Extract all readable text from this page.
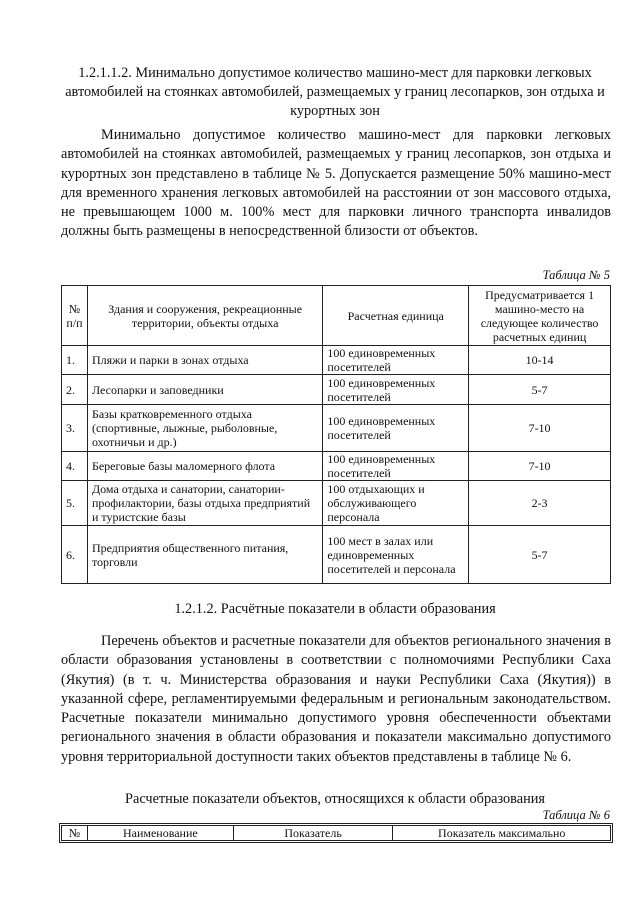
1.2.1.1.2. Минимально допустимое количество машино-мест для парковки легковых автомобилей на стоянках автомобилей, размещаемых у границ лесопарков, зон отдыха и курортных зон
Минимально допустимое количество машино-мест для парковки легковых автомобилей на стоянках автомобилей, размещаемых у границ лесопарков, зон отдыха и курортных зон представлено в таблице № 5. Допускается размещение 50% машино-мест для временного хранения легковых автомобилей на расстоянии от зон массового отдыха, не превышающем 1000 м. 100% мест для парковки личного транспорта инвалидов должны быть размещены в непосредственной близости от объектов.
Таблица № 5
№ п/п	Здания и сооружения, рекреационные территории, объекты отдыха	Расчетная единица	Предусматривается 1 машино-место на следующее количество расчетных единиц
1.	Пляжи и парки в зонах отдыха	100 единовременных посетителей	10-14
2.	Лесопарки и заповедники	100 единовременных посетителей	5-7
3.	Базы кратковременного отдыха (спортивные, лыжные, рыболовные, охотничьи и др.)	100 единовременных посетителей	7-10
4.	Береговые базы маломерного флота	100 единовременных посетителей	7-10
5.	Дома отдыха и санатории, санатории-профилактории, базы отдыха предприятий и туристские базы	100 отдыхающих и обслуживающего персонала	2-3
6.	Предприятия общественного питания, торговли	100 мест в залах или единовременных посетителей и персонала	5-7
1.2.1.2. Расчётные показатели в области образования
Перечень объектов и расчетные показатели для объектов регионального значения в области образования установлены в соответствии с полномочиями Республики Саха (Якутия) (в т. ч. Министерства образования и науки Республики Саха (Якутия)) в указанной сфере, регламентируемыми федеральным и региональным законодательством. Расчетные показатели минимально допустимого уровня обеспеченности объектами регионального значения в области образования и показатели максимально допустимого уровня территориальной доступности таких объектов представлены в таблице № 6.
Расчетные показатели объектов, относящихся к области образования
Таблица № 6
№	Наименование	Показатель	Показатель максимально
